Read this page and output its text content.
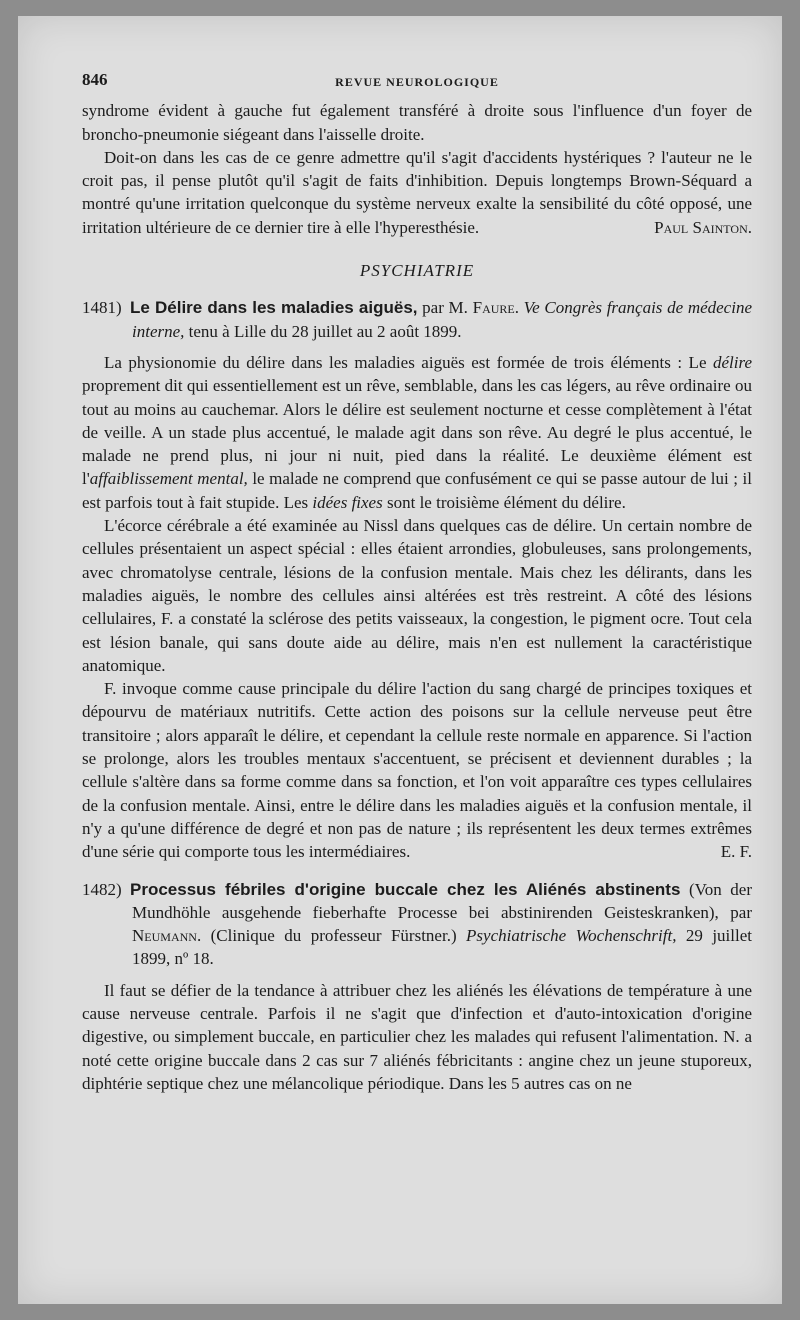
846	REVUE NEUROLOGIQUE

syndrome évident à gauche fut également transféré à droite sous l'influence d'un foyer de broncho-pneumonie siégeant dans l'aisselle droite.

Doit-on dans les cas de ce genre admettre qu'il s'agit d'accidents hystériques ? l'auteur ne le croit pas, il pense plutôt qu'il s'agit de faits d'inhibition. Depuis longtemps Brown-Séquard a montré qu'une irritation quelconque du système nerveux exalte la sensibilité du côté opposé, une irritation ultérieure de ce dernier tire à elle l'hyperesthésie.	Paul Sainton.

PSYCHIATRIE

1481) Le Délire dans les maladies aiguës, par M. Faure. Ve Congrès français de médecine interne, tenu à Lille du 28 juillet au 2 août 1899.

La physionomie du délire dans les maladies aiguës est formée de trois éléments : Le délire proprement dit qui essentiellement est un rêve, semblable, dans les cas légers, au rêve ordinaire ou tout au moins au cauchemar. Alors le délire est seulement nocturne et cesse complètement à l'état de veille. A un stade plus accentué, le malade agit dans son rêve. Au degré le plus accentué, le malade ne prend plus, ni jour ni nuit, pied dans la réalité. Le deuxième élément est l'affaiblissement mental, le malade ne comprend que confusément ce qui se passe autour de lui ; il est parfois tout à fait stupide. Les idées fixes sont le troisième élément du délire.

L'écorce cérébrale a été examinée au Nissl dans quelques cas de délire. Un certain nombre de cellules présentaient un aspect spécial : elles étaient arrondies, globuleuses, sans prolongements, avec chromatolyse centrale, lésions de la confusion mentale. Mais chez les délirants, dans les maladies aiguës, le nombre des cellules ainsi altérées est très restreint. A côté des lésions cellulaires, F. a constaté la sclérose des petits vaisseaux, la congestion, le pigment ocre. Tout cela est lésion banale, qui sans doute aide au délire, mais n'en est nullement la caractéristique anatomique.

F. invoque comme cause principale du délire l'action du sang chargé de principes toxiques et dépourvu de matériaux nutritifs. Cette action des poisons sur la cellule nerveuse peut être transitoire ; alors apparaît le délire, et cependant la cellule reste normale en apparence. Si l'action se prolonge, alors les troubles mentaux s'accentuent, se précisent et deviennent durables ; la cellule s'altère dans sa forme comme dans sa fonction, et l'on voit apparaître ces types cellulaires de la confusion mentale. Ainsi, entre le délire dans les maladies aiguës et la confusion mentale, il n'y a qu'une différence de degré et non pas de nature ; ils représentent les deux termes extrêmes d'une série qui comporte tous les intermédiaires.	E. F.

1482) Processus fébriles d'origine buccale chez les Aliénés abstinents (Von der Mundhöhle ausgehende fieberhafte Processe bei abstinirenden Geisteskranken), par Neumann. (Clinique du professeur Fürstner.) Psychiatrische Wochenschrift, 29 juillet 1899, nº 18.

Il faut se défier de la tendance à attribuer chez les aliénés les élévations de température à une cause nerveuse centrale. Parfois il ne s'agit que d'infection et d'auto-intoxication d'origine digestive, ou simplement buccale, en particulier chez les malades qui refusent l'alimentation. N. a noté cette origine buccale dans 2 cas sur 7 aliénés fébricitants : angine chez un jeune stuporeux, diphtérie septique chez une mélancolique périodique. Dans les 5 autres cas on ne
